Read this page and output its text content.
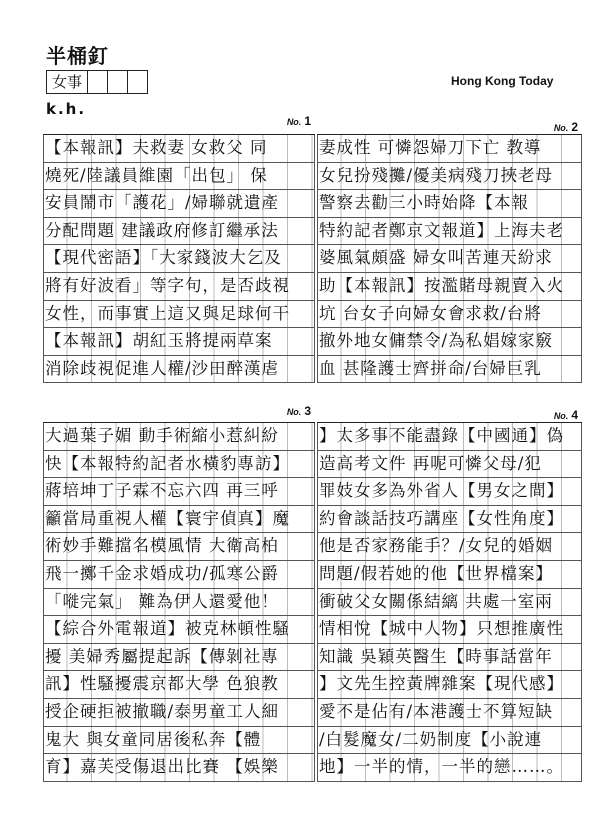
半桶釘
女事
k.h.
Hong Kong Today
No. 1
【本報訊】夫救妻 女救父 同
燒死/陸議員維園「出包」 保
安員鬧市「護花」/婦聯就遺產
分配問題 建議政府修訂繼承法
【現代密語】「大家錢波大乞及
將有好波看」等字句，是否歧視
女性，而事實上這又與足球何干
【本報訊】胡紅玉將提兩草案
消除歧視促進人權/沙田醉漢虐
No. 2
妻成性 可憐怨婦刀下亡 教導
女兒扮殘攤/優美病殘刀挾老母
警察去勸三小時始降【本報
特約記者鄭京文報道】上海夫老
婆風氣頗盛 婦女叫苦連天紛求
助【本報訊】按濫賭母親賣入火
坑 台女子向婦女會求救/台將
撤外地女傭禁令/為私娼嫁家竅
血 甚隆護士齊拼命/台婦巨乳
No. 3
大過葉子媚 動手術縮小惹糾紛
快【本報特約記者水橫豹專訪】
蔣培坤丁子霖不忘六四 再三呼
籲當局重視人權【寰宇偵真】魔
術妙手難擋名模風情 大衛高柏
飛一擲千金求婚成功/孤寒公爵
「嘥完氣」 難為伊人還愛他！
【綜合外電報道】被克林頓性騷
擾 美婦秀屬提起訴【傳剝社專
訊】性騷擾震京都大學 色狼教
授企硬拒被撤職/泰男童工人細
鬼大 與女童同居後私奔【體
育】嘉芙受傷退出比賽 【娛樂
No. 4
】太多事不能盡錄【中國通】偽
造高考文件 再呢可憐父母/犯
罪妓女多為外省人【男女之間】
約會談話技巧講座【女性角度】
他是否家務能手？/女兒的婚姻
問題/假若她的他【世界檔案】
衝破父女關係結縭 共處一室兩
情相悅【城中人物】只想推廣性
知識 吳穎英醫生【時事話當年
】文先生控黃牌雜案【現代感】
愛不是佔有/本港護士不算短缺
/白髮魔女/二奶制度【小說連
地】一半的情，一半的戀……。
